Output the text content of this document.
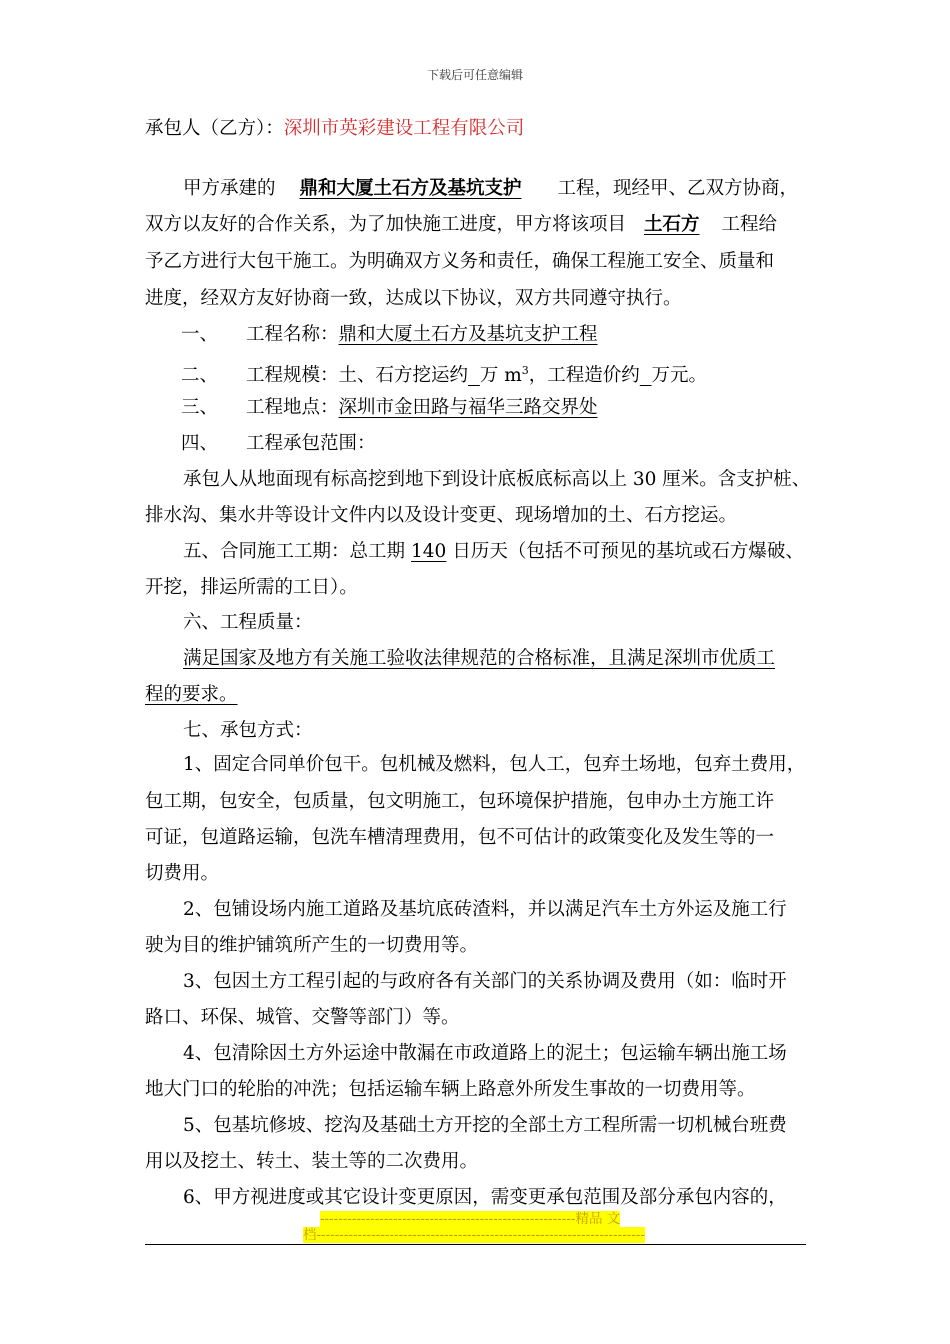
下载后可任意编辑
承包人（乙方）：深圳市英彩建设工程有限公司
甲方承建的 鼎和大厦土石方及基坑支护 工程，现经甲、乙双方协商，
双方以友好的合作关系，为了加快施工进度，甲方将该项目 土石方 工程给
予乙方进行大包干施工。为明确双方义务和责任，确保工程施工安全、质量和
进度，经双方友好协商一致，达成以下协议，双方共同遵守执行。
一、 工程名称：鼎和大厦土石方及基坑支护工程
二、 工程规模：土、石方挖运约 万 $m^3$，工程造价约 万元。
三、 工程地点：深圳市金田路与福华三路交界处
四、 工程承包范围：
承包人从地面现有标高挖到地下到设计底板底标高以上 30 厘米。含支护桩、
排水沟、集水井等设计文件内以及设计变更、现场增加的土、石方挖运。
五、合同施工工期：总工期 140 日历天（包括不可预见的基坑或石方爆破、
开挖，排运所需的工日）。
六、工程质量：
满足国家及地方有关施工验收法律规范的合格标准，且满足深圳市优质工
程的要求。
七、承包方式：
1、固定合同单价包干。包机械及燃料，包人工，包弃土场地，包弃土费用，
包工期，包安全，包质量，包文明施工，包环境保护措施，包申办土方施工许
可证，包道路运输，包洗车槽清理费用，包不可估计的政策变化及发生等的一
切费用。
2、包铺设场内施工道路及基坑底砖渣料，并以满足汽车土方外运及施工行
驶为目的维护铺筑所产生的一切费用等。
3、包因土方工程引起的与政府各有关部门的关系协调及费用（如：临时开
路口、环保、城管、交警等部门）等。
4、包清除因土方外运途中散漏在市政道路上的泥土；包运输车辆出施工场
地大门口的轮胎的冲洗；包括运输车辆上路意外所发生事故的一切费用等。
5、包基坑修坡、挖沟及基础土方开挖的全部土方工程所需一切机械台班费
用以及挖土、转土、装土等的二次费用。
6、甲方视进度或其它设计变更原因，需变更承包范围及部分承包内容的，
--------------------------------------------------------精品 文
档------------------------------------------------------------------------
